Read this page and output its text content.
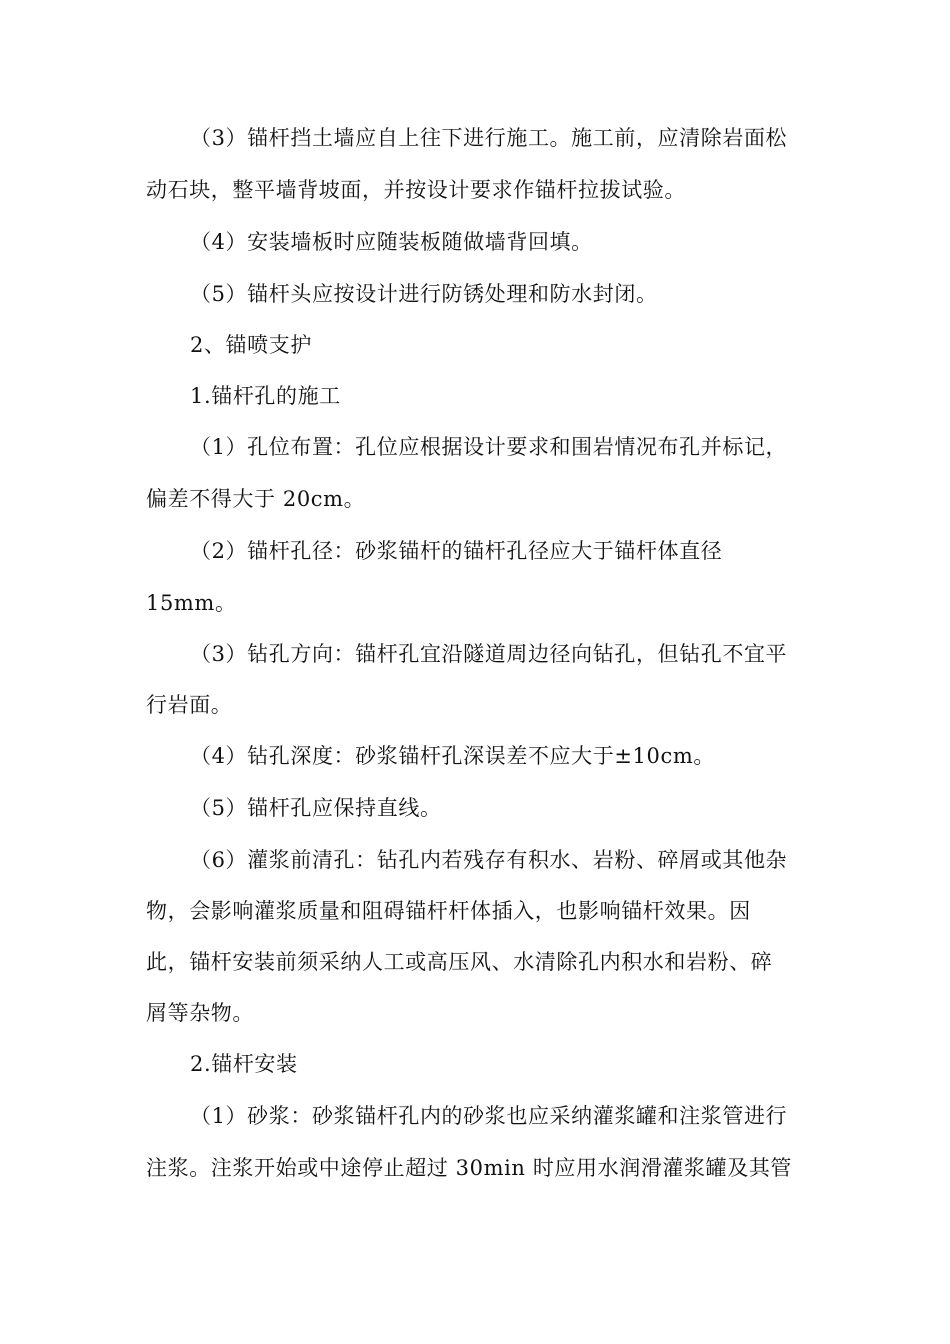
（3）锚杆挡土墙应自上往下进行施工。施工前，应清除岩面松
动石块，整平墙背坡面，并按设计要求作锚杆拉拔试验。
（4）安装墙板时应随装板随做墙背回填。
（5）锚杆头应按设计进行防锈处理和防水封闭。
2、锚喷支护
1.锚杆孔的施工
（1）孔位布置：孔位应根据设计要求和围岩情况布孔并标记，
偏差不得大于 20cm。
（2）锚杆孔径：砂浆锚杆的锚杆孔径应大于锚杆体直径
15mm。
（3）钻孔方向：锚杆孔宜沿隧道周边径向钻孔，但钻孔不宜平
行岩面。
（4）钻孔深度：砂浆锚杆孔深误差不应大于±10cm。
（5）锚杆孔应保持直线。
（6）灌浆前清孔：钻孔内若残存有积水、岩粉、碎屑或其他杂
物，会影响灌浆质量和阻碍锚杆杆体插入，也影响锚杆效果。因
此，锚杆安装前须采纳人工或高压风、水清除孔内积水和岩粉、碎
屑等杂物。
2.锚杆安装
（1）砂浆：砂浆锚杆孔内的砂浆也应采纳灌浆罐和注浆管进行
注浆。注浆开始或中途停止超过 30min 时应用水润滑灌浆罐及其管
